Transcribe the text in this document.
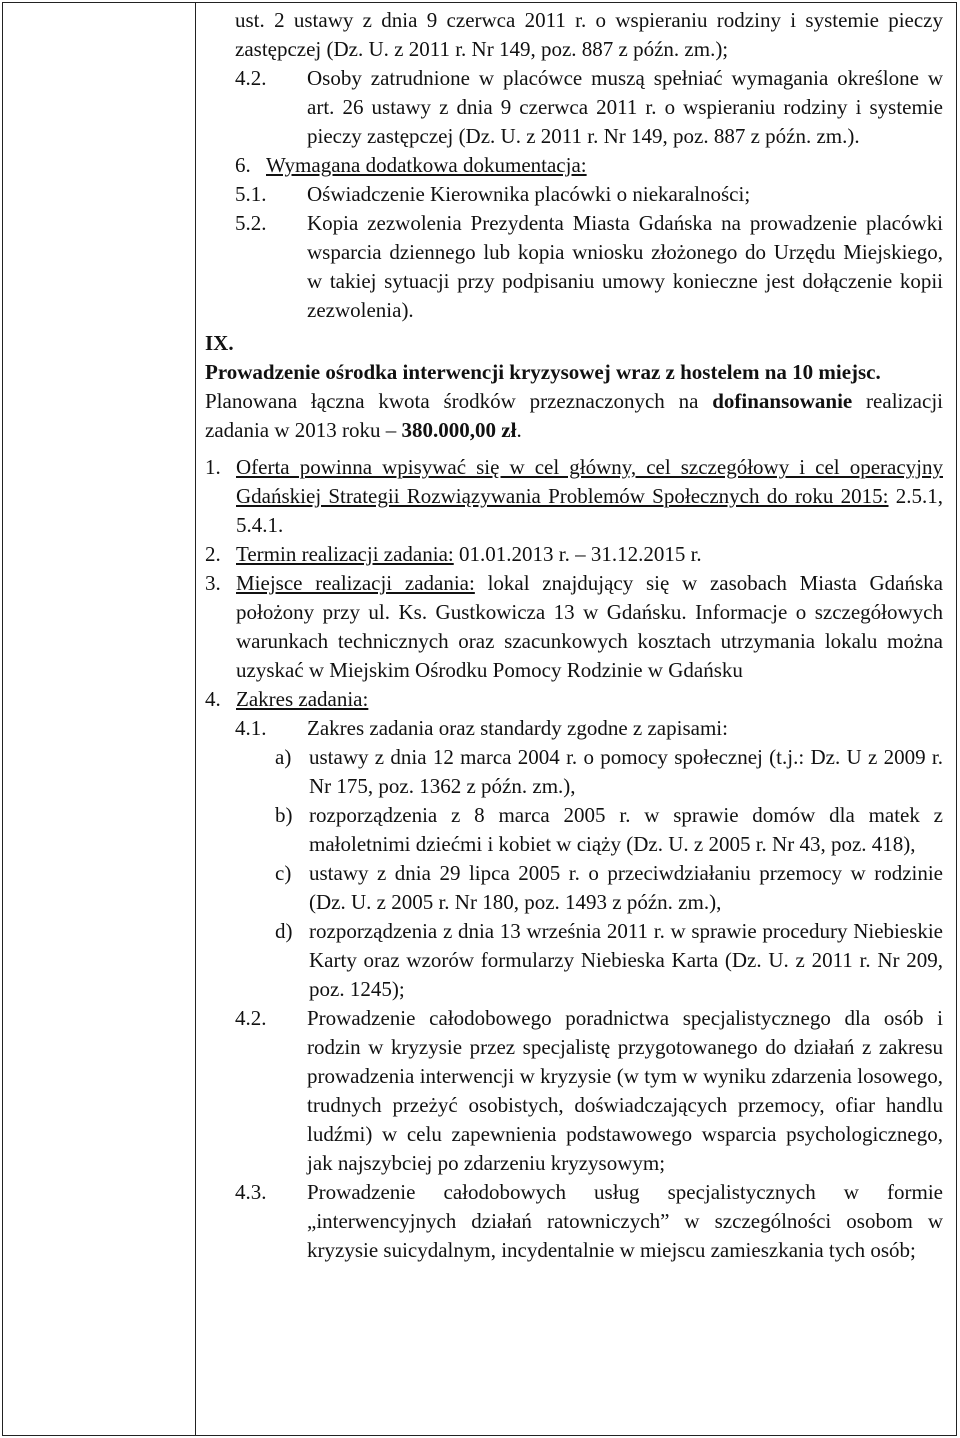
ust. 2 ustawy z dnia 9 czerwca 2011 r. o wspieraniu rodziny i systemie pieczy zastępczej (Dz. U. z 2011 r. Nr 149, poz. 887 z późn. zm.);

4.2.	Osoby zatrudnione w placówce muszą spełniać wymagania określone w art. 26 ustawy z dnia 9 czerwca 2011 r. o wspieraniu rodziny i systemie pieczy zastępczej (Dz. U. z 2011 r. Nr 149, poz. 887 z późn. zm.).

6. Wymagana dodatkowa dokumentacja:

5.1.	Oświadczenie Kierownika placówki o niekaralności;

5.2.	Kopia zezwolenia Prezydenta Miasta Gdańska na prowadzenie placówki wsparcia dziennego lub kopia wniosku złożonego do Urzędu Miejskiego, w takiej sytuacji przy podpisaniu umowy konieczne jest dołączenie kopii zezwolenia).

IX.

Prowadzenie ośrodka interwencji kryzysowej wraz z hostelem na 10 miejsc.

Planowana łączna kwota środków przeznaczonych na dofinansowanie realizacji zadania w 2013 roku – 380.000,00 zł.

1. Oferta powinna wpisywać się w cel główny, cel szczegółowy i cel operacyjny Gdańskiej Strategii Rozwiązywania Problemów Społecznych do roku 2015: 2.5.1, 5.4.1.

2. Termin realizacji zadania: 01.01.2013 r. – 31.12.2015 r.

3. Miejsce realizacji zadania: lokal znajdujący się w zasobach Miasta Gdańska położony przy ul. Ks. Gustkowicza 13 w Gdańsku. Informacje o szczegółowych warunkach technicznych oraz szacunkowych kosztach utrzymania lokalu można uzyskać w Miejskim Ośrodku Pomocy Rodzinie w Gdańsku

4. Zakres zadania:

4.1.	Zakres zadania oraz standardy zgodne z zapisami:

a) ustawy z dnia 12 marca 2004 r. o pomocy społecznej (t.j.: Dz. U z 2009 r. Nr 175, poz. 1362 z późn. zm.),

b) rozporządzenia z 8 marca 2005 r. w sprawie domów dla matek z małoletnimi dziećmi i kobiet w ciąży (Dz. U. z 2005 r. Nr 43, poz. 418),

c) ustawy z dnia 29 lipca 2005 r. o przeciwdziałaniu przemocy w rodzinie (Dz. U. z 2005 r. Nr 180, poz. 1493 z późn. zm.),

d) rozporządzenia z dnia 13 września 2011 r. w sprawie procedury Niebieskie Karty oraz wzorów formularzy Niebieska Karta (Dz. U. z 2011 r. Nr 209, poz. 1245);

4.2.	Prowadzenie całodobowego poradnictwa specjalistycznego dla osób i rodzin w kryzysie przez specjalistę przygotowanego do działań z zakresu prowadzenia interwencji w kryzysie (w tym w wyniku zdarzenia losowego, trudnych przeżyć osobistych, doświadczających przemocy, ofiar handlu ludźmi) w celu zapewnienia podstawowego wsparcia psychologicznego, jak najszybciej po zdarzeniu kryzysowym;

4.3.	Prowadzenie całodobowych usług specjalistycznych w formie „interwencyjnych działań ratowniczych” w szczególności osobom w kryzysie suicydalnym, incydentalnie w miejscu zamieszkania tych osób;
